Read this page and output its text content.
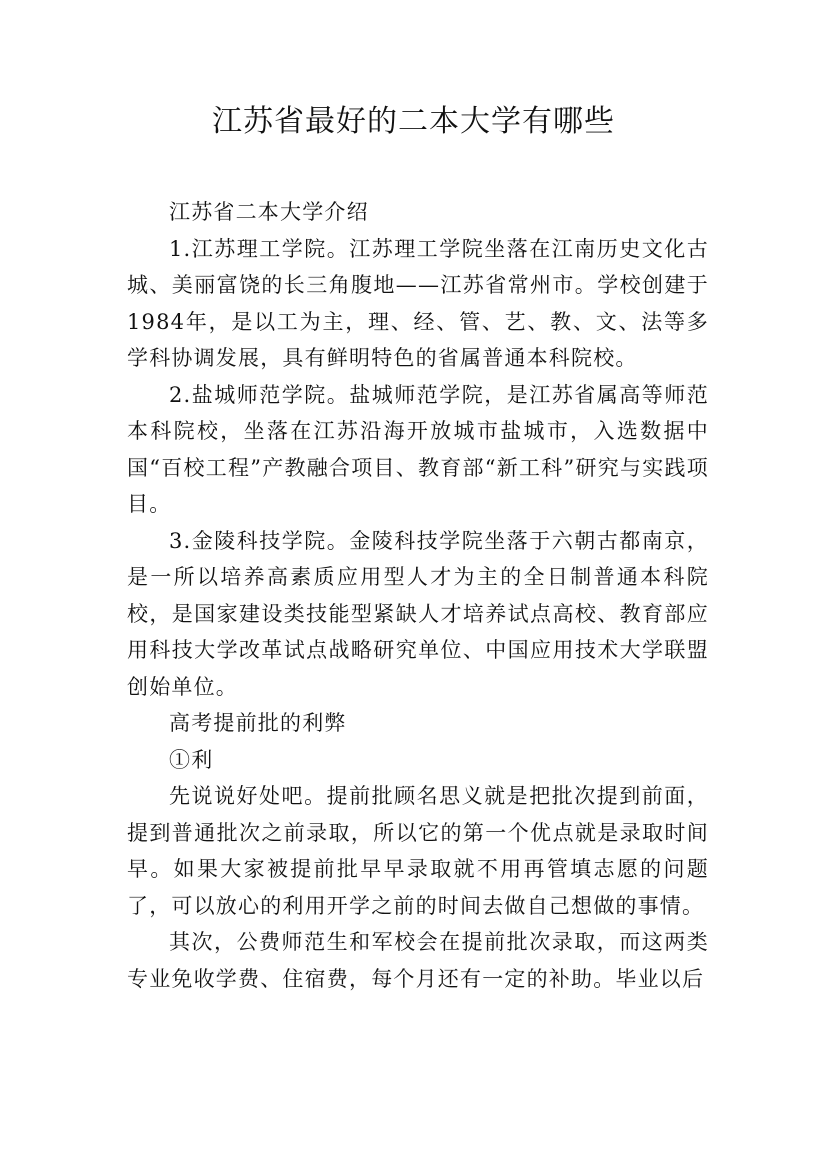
江苏省最好的二本大学有哪些

江苏省二本大学介绍

1.江苏理工学院。江苏理工学院坐落在江南历史文化古城、美丽富饶的长三角腹地——江苏省常州市。学校创建于1984年，是以工为主，理、经、管、艺、教、文、法等多学科协调发展，具有鲜明特色的省属普通本科院校。

2.盐城师范学院。盐城师范学院，是江苏省属高等师范本科院校，坐落在江苏沿海开放城市盐城市，入选数据中国“百校工程”产教融合项目、教育部“新工科”研究与实践项目。

3.金陵科技学院。金陵科技学院坐落于六朝古都南京，是一所以培养高素质应用型人才为主的全日制普通本科院校，是国家建设类技能型紧缺人才培养试点高校、教育部应用科技大学改革试点战略研究单位、中国应用技术大学联盟创始单位。

高考提前批的利弊

①利

先说说好处吧。提前批顾名思义就是把批次提到前面，提到普通批次之前录取，所以它的第一个优点就是录取时间早。如果大家被提前批早早录取就不用再管填志愿的问题了，可以放心的利用开学之前的时间去做自己想做的事情。

其次，公费师范生和军校会在提前批次录取，而这两类专业免收学费、住宿费，每个月还有一定的补助。毕业以后
